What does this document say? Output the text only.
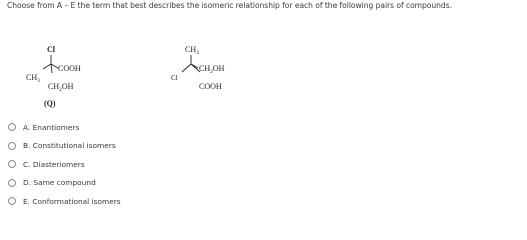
Choose from A – E the term that best describes the isomeric relationship for each of the following pairs of compounds.
Cl
COOH
$CH_3$
$CH_2OH$
(Q)
$CH_3$
$CH_2OH$
Cl
COOH
A. Enantiomers
B. Constitutional isomers
C. Diasteriomers
D. Same compound
E. Conformational isomers
